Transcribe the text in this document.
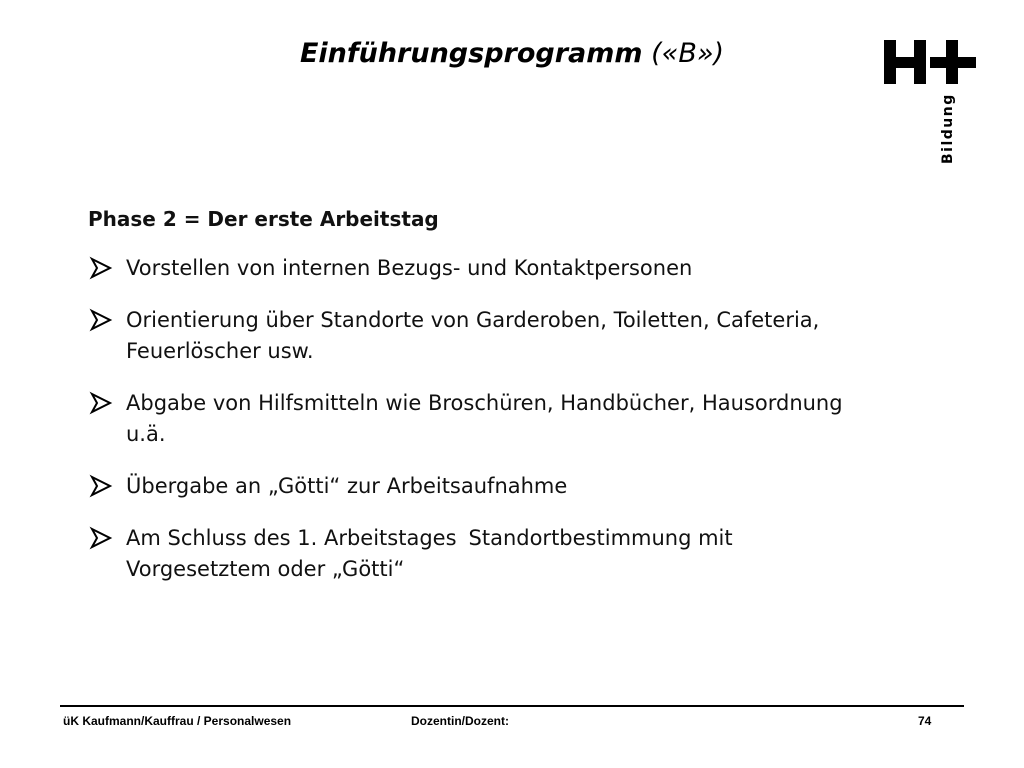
Einführungsprogramm («B»)
Bildung
Phase 2 = Der erste Arbeitstag
Vorstellen von internen Bezugs- und Kontaktpersonen
Orientierung über Standorte von Garderoben, Toiletten, Cafeteria,
Feuerlöscher usw.
Abgabe von Hilfsmitteln wie Broschüren, Handbücher, Hausordnung
u.ä.
Übergabe an „Götti“ zur Arbeitsaufnahme
Am Schluss des 1. Arbeitstages Standortbestimmung mit
Vorgesetztem oder „Götti“
üK Kaufmann/Kauffrau / Personalwesen	Dozentin/Dozent:	74
